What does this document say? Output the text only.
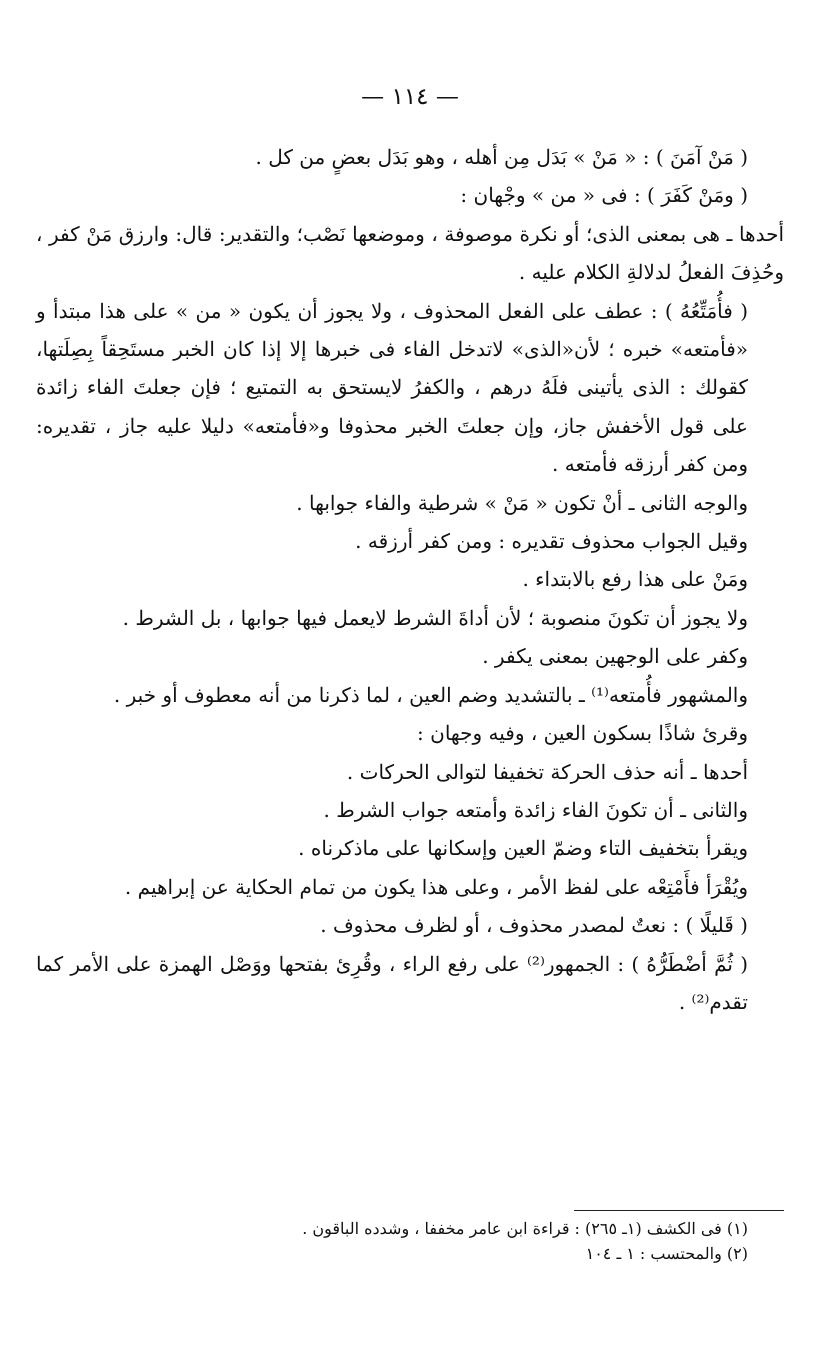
— ١١٤ —

( مَنْ آمَنَ ) : « مَنْ » بَدَل مِن أهله ، وهو بَدَل بعضٍ من كل .

( ومَنْ كَفَرَ ) : فى « من » وجْهان :

أحدها ـ هى بمعنى الذى؛ أو نكرة موصوفة ، وموضعها نَصْب؛ والتقدير: قال: وارزق مَنْ كفر ، وحُذِفَ الفعلُ لدلالةِ الكلام عليه .

( فأُمَتِّعُهُ ) : عطف على الفعل المحذوف ، ولا يجوز أن يكون « من » على هذا مبتدأ و «فأمتعه» خبره ؛ لأن«الذى» لاتدخل الفاء فى خبرها إلا إذا كان الخبر مستَحِقاً بِصِلَتها، كقولك : الذى يأتينى فلَهُ درهم ، والكفرُ لايستحق به التمتيع ؛ فإن جعلتَ الفاء زائدة على قول الأخفش جاز، وإن جعلتَ الخبر محذوفا و«فأمتعه» دليلا عليه جاز ، تقديره: ومن كفر أرزقه فأمتعه .

والوجه الثانى ـ أنْ تكون « مَنْ » شرطية والفاء جوابها .

وقيل الجواب محذوف تقديره : ومن كفر أرزقه .

ومَنْ على هذا رفع بالابتداء .

ولا يجوز أن تكونَ منصوبة ؛ لأن أداةَ الشرط لايعمل فيها جوابها ، بل الشرط .

وكفر على الوجهين بمعنى يكفر .

والمشهور فأُمتعه⁽¹⁾ ـ بالتشديد وضم العين ، لما ذكرنا من أنه معطوف أو خبر .

وقرئ شاذًا بسكون العين ، وفيه وجهان :

أحدها ـ أنه حذف الحركة تخفيفا لتوالى الحركات .

والثانى ـ أن تكونَ الفاء زائدة وأمتعه جواب الشرط .

ويقرأ بتخفيف التاء وضمّ العين وإسكانها على ماذكرناه .

ويُقْرَأ فأَمْتِعْه على لفظ الأمر ، وعلى هذا يكون من تمام الحكاية عن إبراهيم .

( قَليلًا ) : نعتٌ لمصدر محذوف ، أو لظرف محذوف .

( ثُمَّ أضْطَرُّهُ ) : الجمهور⁽²⁾ على رفع الراء ، وقُرِئ بفتحها ووَصْل الهمزة على الأمر كما تقدم⁽²⁾ .

(١) فى الكشف (١ـ ٢٦٥) : قراءة ابن عامر مخففا ، وشدده الباقون .

(٢) والمحتسب : ١ ـ ١٠٤
